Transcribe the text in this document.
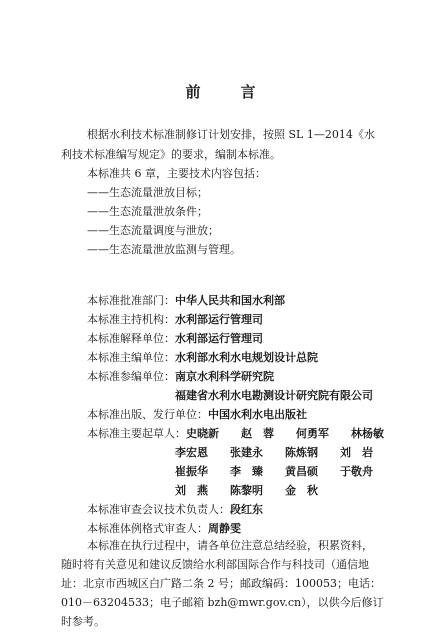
前	言
根据水利技术标准制修订计划安排，按照 SL 1—2014《水
利技术标准编写规定》的要求，编制本标准。
本标准共 6 章，主要技术内容包括：
——生态流量泄放目标；
——生态流量泄放条件；
——生态流量调度与泄放；
——生态流量泄放监测与管理。
本标准批准部门：中华人民共和国水利部
本标准主持机构：水利部运行管理司
本标准解释单位：水利部运行管理司
本标准主编单位：水利部水利水电规划设计总院
本标准参编单位：南京水利科学研究院
福建省水利水电勘测设计研究院有限公司
本标准出版、发行单位：中国水利水电出版社
本标准主要起草人： 史晓新 赵　蓉 何勇军 林杨敏
李宏恩 张建永 陈炼钢 刘　岩
崔振华 李　臻 黄昌硕 于敬舟
刘　燕 陈黎明 金　秋
本标准审查会议技术负责人：段红东
本标准体例格式审查人：周静雯
本标准在执行过程中，请各单位注意总结经验，积累资料，
随时将有关意见和建议反馈给水利部国际合作与科技司（通信地
址：北京市西城区白广路二条 2 号；邮政编码：100053；电话：
010－63204533；电子邮箱 bzh@mwr.gov.cn），以供今后修订
时参考。
